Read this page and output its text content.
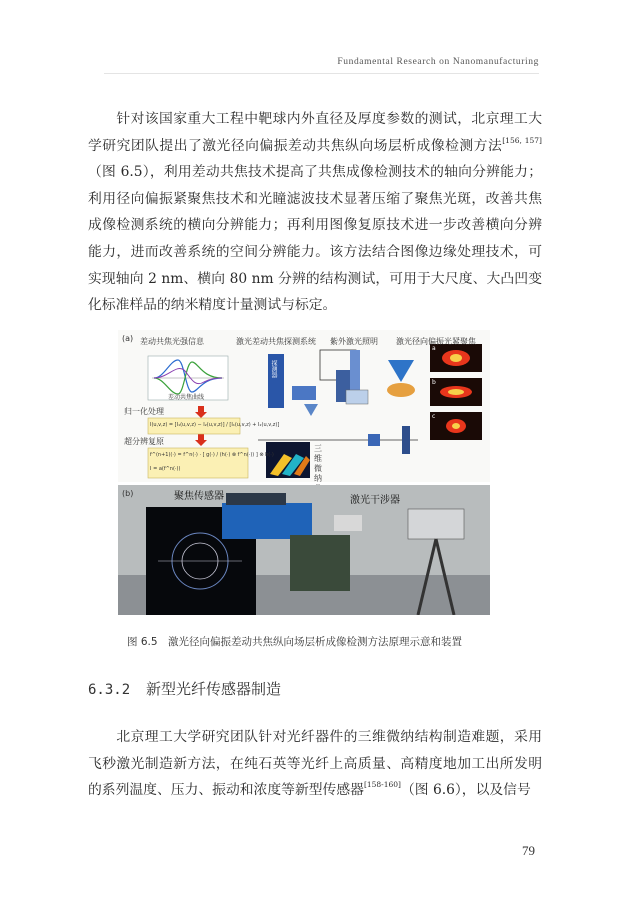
Fundamental Research on Nanomanufacturing

针对该国家重大工程中靶球内外直径及厚度参数的测试，北京理工大学研究团队提出了激光径向偏振差动共焦纵向场层析成像检测方法[156, 157]（图 6.5），利用差动共焦技术提高了共焦成像检测技术的轴向分辨能力；利用径向偏振紧聚焦技术和光瞳滤波技术显著压缩了聚焦光斑，改善共焦成像检测系统的横向分辨能力；再利用图像复原技术进一步改善横向分辨能力，进而改善系统的空间分辨能力。该方法结合图像边缘处理技术，可实现轴向 2 nm、横向 80 nm 分辨的结构测试，可用于大尺度、大凸凹变化标准样品的纳米精度计量测试与标定。

(a) 差动共焦光强信息	激光差动共焦探测系统 紫外激光照明 激光径向偏振光紧聚焦
差动共焦曲线
归一化处理
I(u,v,z) = [I₁(u,v,z) − I₂(u,v,z)] / [I₁(u,v,z) + I₂(u,v,z)]
超分辨复原
f^(n+1)(·) = f^n(·) · [ g(·) / (h(·) ⊗ f^n(·)) ] ⊗ h(·)
I = a(f^n(·))
探测器
三维微纳
a
b
c
(b)	聚焦传感器	激光干涉器
图 6.5　激光径向偏振差动共焦纵向场层析成像检测方法原理示意和装置
6.3.2 新型光纤传感器制造

北京理工大学研究团队针对光纤器件的三维微纳结构制造难题，采用飞秒激光制造新方法，在纯石英等光纤上高质量、高精度地加工出所发明的系列温度、压力、振动和浓度等新型传感器[158-160]（图 6.6），以及信号

79
